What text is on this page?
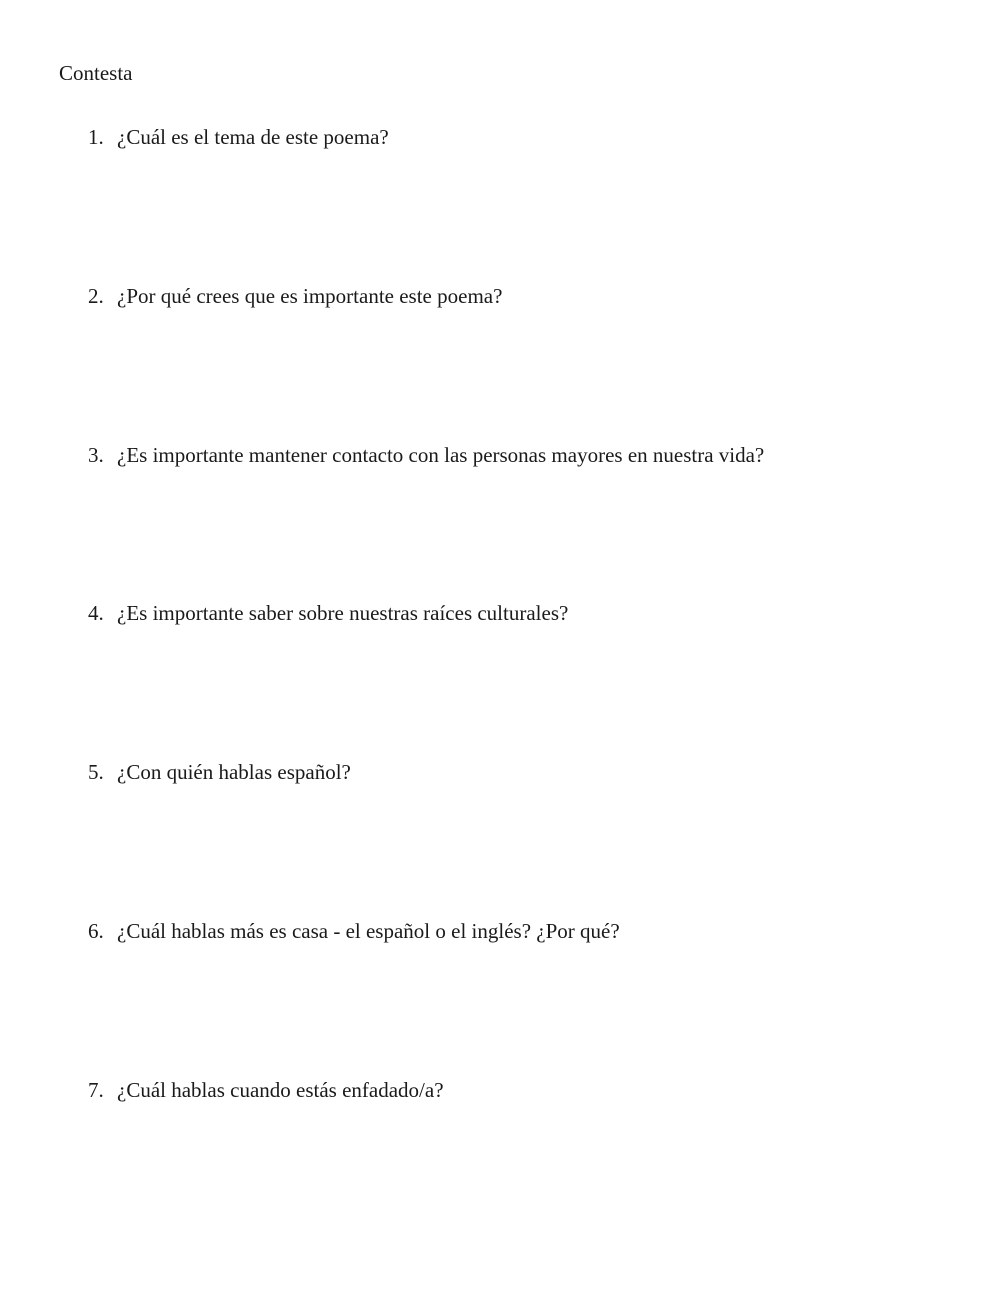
Contesta
1. ¿Cuál es el tema de este poema?
2. ¿Por qué crees que es importante este poema?
3. ¿Es importante mantener contacto con las personas mayores en nuestra vida?
4. ¿Es importante saber sobre nuestras raíces culturales?
5. ¿Con quién hablas español?
6. ¿Cuál hablas más es casa - el español o el inglés? ¿Por qué?
7. ¿Cuál hablas cuando estás enfadado/a?
